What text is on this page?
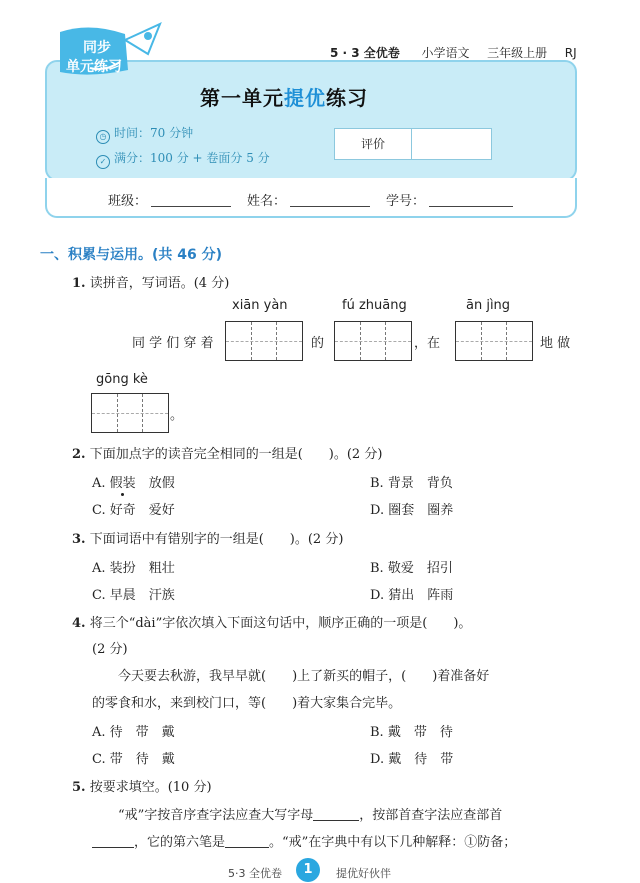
同步
单元练习
5 · 3 全优卷 小学语文 三年级上册 RJ
第一单元提优练习
◷ 时间：70 分钟
✓ 满分：100 分 + 卷面分 5 分
评价
班级：	姓名：	学号：
一、积累与运用。(共 46 分)
1. 读拼音，写词语。(4 分)
xiān yàn	fú zhuāng	ān jìng
同 学 们 穿 着	的	，在	地 做
gōng kè
。
2. 下面加点字的读音完全相同的一组是(　　)。(2 分)
A. 假装　 放假	B. 背景　 背负
C. 好奇　 爱好	D. 圈套　 圈养
3. 下面词语中有错别字的一组是(　　)。(2 分)
A. 装扮　 粗壮	B. 敬爱　 招引
C. 早晨　 汗族	D. 猜出　 阵雨
4. 将三个“dài”字依次填入下面这句话中，顺序正确的一项是(　　)。
(2 分)
今天要去秋游，我早早就(　　)上了新买的帽子，(　　)着准备好
的零食和水，来到校门口，等(　　)着大家集合完毕。
A. 待　带　戴	B. 戴　带　待
C. 带　待　戴	D. 戴　待　带
5. 按要求填空。(10 分)
“戒”字按音序查字法应查大写字母	，按部首查字法应查部首
，它的第六笔是	。“戒”在字典中有以下几种解释：①防备；
5·3 全优卷	1	提优好伙伴
